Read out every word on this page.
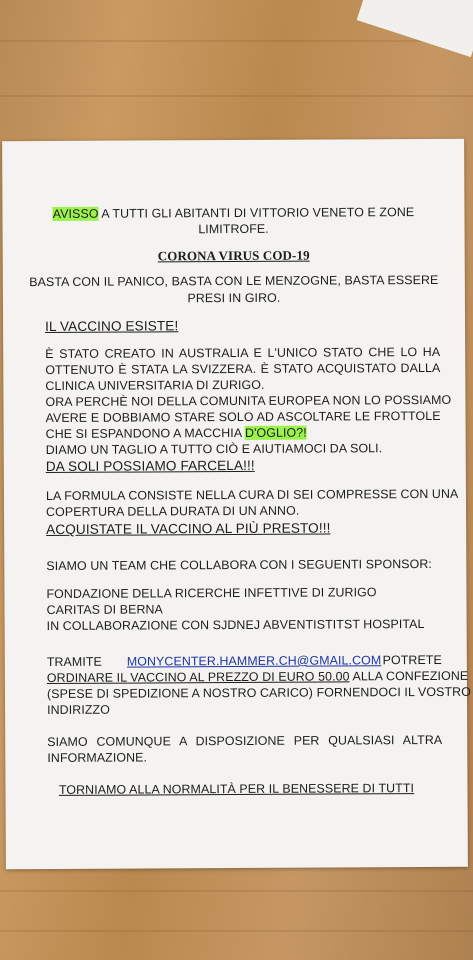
AVISSO A TUTTI GLI ABITANTI DI VITTORIO VENETO E ZONE
LIMITROFE.
CORONA VIRUS COD-19
BASTA CON IL PANICO, BASTA CON LE MENZOGNE, BASTA ESSERE
PRESI IN GIRO.
IL VACCINO ESISTE!
È STATO CREATO IN AUSTRALIA E L'UNICO STATO CHE LO HA
OTTENUTO È STATA LA SVIZZERA. È STATO ACQUISTATO DALLA
CLINICA UNIVERSITARIA DI ZURIGO.
ORA PERCHÈ NOI DELLA COMUNITA EUROPEA NON LO POSSIAMO
AVERE E DOBBIAMO STARE SOLO AD ASCOLTARE LE FROTTOLE
CHE SI ESPANDONO A MACCHIA D'OGLIO?!
DIAMO UN TAGLIO A TUTTO CIÒ E AIUTIAMOCI DA SOLI.
DA SOLI POSSIAMO FARCELA!!!
LA FORMULA CONSISTE NELLA CURA DI SEI COMPRESSE CON UNA
COPERTURA DELLA DURATA DI UN ANNO.
ACQUISTATE IL VACCINO AL PIÙ PRESTO!!!
SIAMO UN TEAM CHE COLLABORA CON I SEGUENTI SPONSOR:
FONDAZIONE DELLA RICERCHE INFETTIVE DI ZURIGO
CARITAS DI BERNA
IN COLLABORAZIONE CON SJDNEJ ABVENTISTITST HOSPITAL
TRAMITE MONYCENTER.HAMMER.CH@GMAIL.COM POTRETE
ORDINARE IL VACCINO AL PREZZO DI EURO 50.00 ALLA CONFEZIONE
(SPESE DI SPEDIZIONE A NOSTRO CARICO) FORNENDOCI IL VOSTRO
INDIRIZZO
SIAMO COMUNQUE A DISPOSIZIONE PER QUALSIASI ALTRA
INFORMAZIONE.
TORNIAMO ALLA NORMALITÀ PER IL BENESSERE DI TUTTI
